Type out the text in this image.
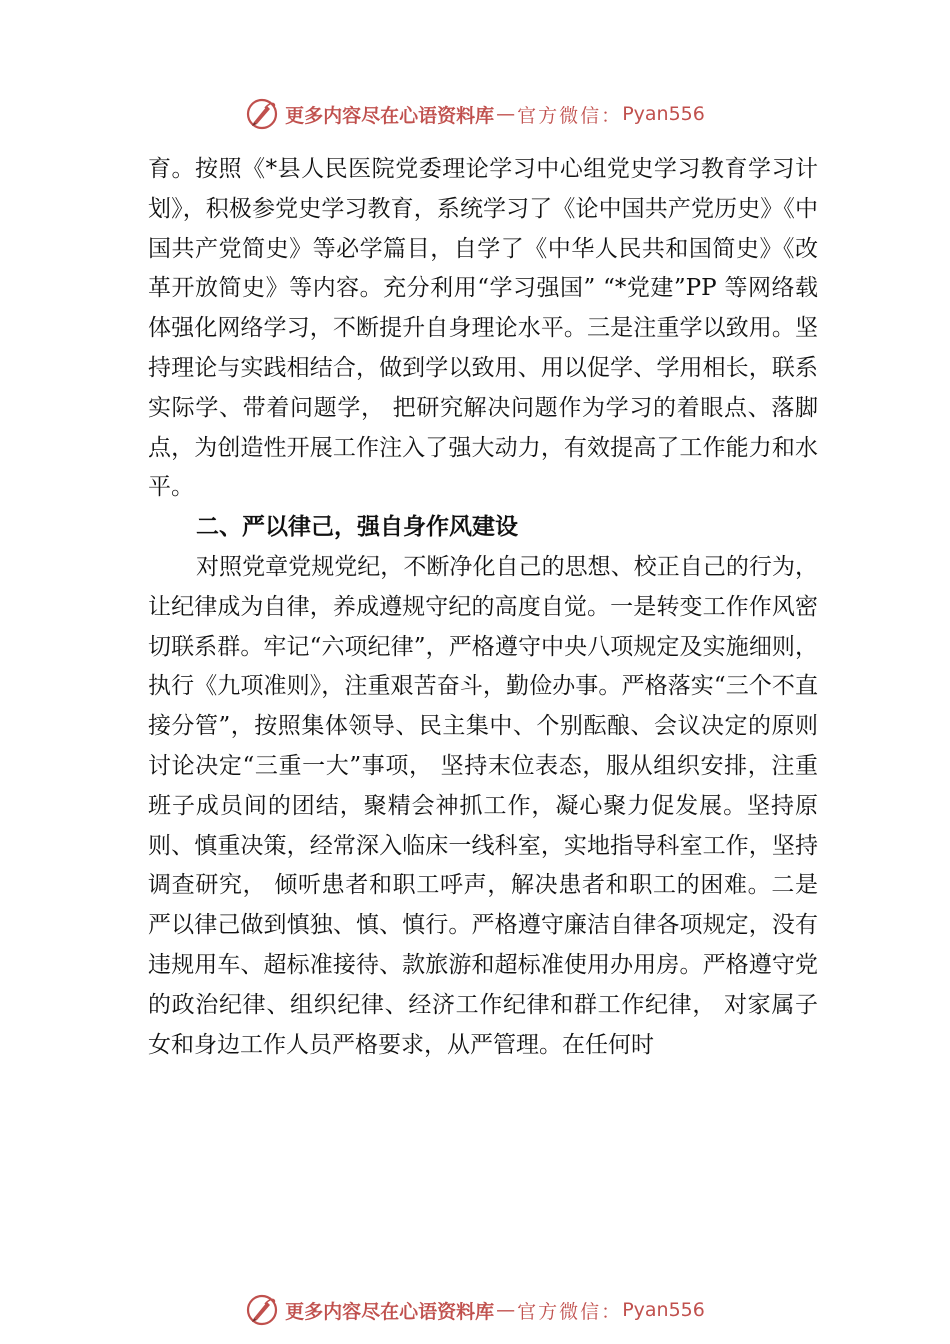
更多内容尽在心语资料库 — 官方微信： Pyan556

育。按照《*县人民医院党委理论学习中心组党史学习教育学习计划》，积极参党史学习教育，系统学习了《论中国共产党历史》《中国共产党简史》等必学篇目，自学了《中华人民共和国简史》《改革开放简史》等内容。充分利用“学习强国” “*党建”PP 等网络载体强化网络学习，不断提升自身理论水平。三是注重学以致用。坚持理论与实践相结合，做到学以致用、用以促学、学用相长，联系实际学、带着问题学， 把研究解决问题作为学习的着眼点、落脚点，为创造性开展工作注入了强大动力，有效提高了工作能力和水平。

二、严以律己，强自身作风建设

对照党章党规党纪，不断净化自己的思想、校正自己的行为，让纪律成为自律，养成遵规守纪的高度自觉。一是转变工作作风密切联系群。牢记“六项纪律”，严格遵守中央八项规定及实施细则，执行《九项准则》，注重艰苦奋斗，勤俭办事。严格落实“三个不直接分管”，按照集体领导、民主集中、个别酝酿、会议决定的原则讨论决定“三重一大”事项， 坚持末位表态，服从组织安排，注重班子成员间的团结，聚精会神抓工作，凝心聚力促发展。坚持原则、慎重决策，经常深入临床一线科室，实地指导科室工作，坚持调查研究， 倾听患者和职工呼声，解决患者和职工的困难。二是严以律己做到慎独、慎、慎行。严格遵守廉洁自律各项规定，没有违规用车、超标准接待、款旅游和超标准使用办用房。严格遵守党的政治纪律、组织纪律、经济工作纪律和群工作纪律， 对家属子女和身边工作人员严格要求，从严管理。在任何时

更多内容尽在心语资料库 — 官方微信： Pyan556
